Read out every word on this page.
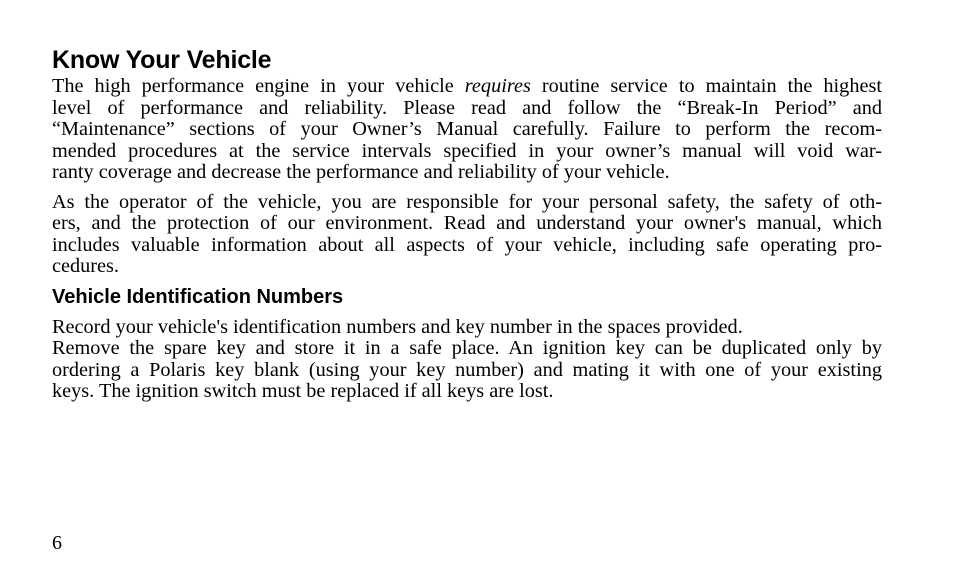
Know Your Vehicle

The high performance engine in your vehicle requires routine service to maintain the highest
level of performance and reliability. Please read and follow the “Break-In Period” and
“Maintenance” sections of your Owner’s Manual carefully. Failure to perform the recom-
mended procedures at the service intervals specified in your owner’s manual will void war-
ranty coverage and decrease the performance and reliability of your vehicle.

As the operator of the vehicle, you are responsible for your personal safety, the safety of oth-
ers, and the protection of our environment. Read and understand your owner's manual, which
includes valuable information about all aspects of your vehicle, including safe operating pro-
cedures.

Vehicle Identification Numbers

Record your vehicle's identification numbers and key number in the spaces provided.
Remove the spare key and store it in a safe place. An ignition key can be duplicated only by
ordering a Polaris key blank (using your key number) and mating it with one of your existing
keys. The ignition switch must be replaced if all keys are lost.

6
